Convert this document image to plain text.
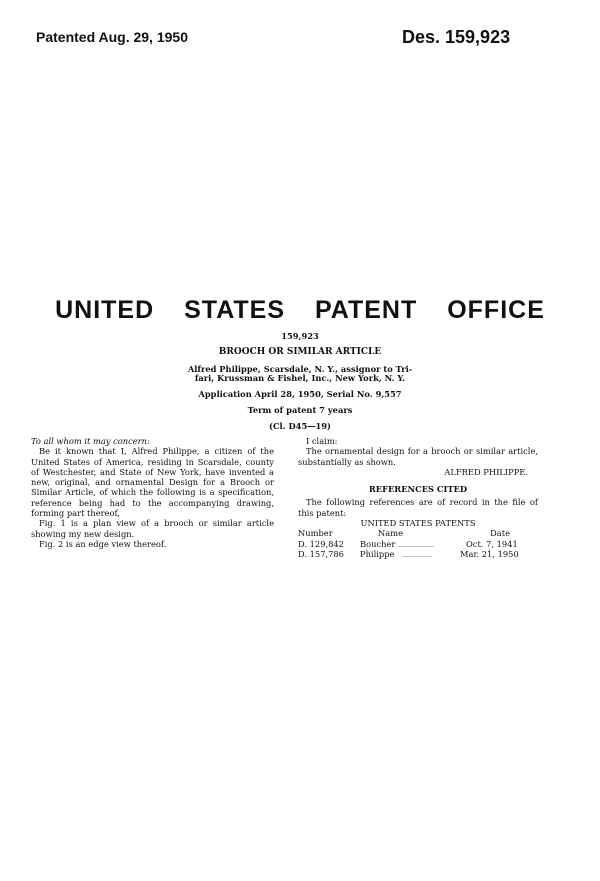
Patented Aug. 29, 1950	Des. 159,923
UNITED STATES PATENT OFFICE
159,923
BROOCH OR SIMILAR ARTICLE
Alfred Philippe, Scarsdale, N. Y., assignor to Tri-
fari, Krussman & Fishel, Inc., New York, N. Y.
Application April 28, 1950, Serial No. 9,557
Term of patent 7 years
(Cl. D45—19)
To all whom it may concern:

Be it known that I, Alfred Philippe, a citizen of the United States of America, residing in Scarsdale, county of Westchester, and State of New York, have invented a new, original, and ornamental Design for a Brooch or Similar Article, of which the following is a specification, reference being had to the accompanying drawing, forming part thereof,

Fig. 1 is a plan view of a brooch or similar article showing my new design.

Fig. 2 is an edge view thereof.

I claim:

The ornamental design for a brooch or similar article, substantially as shown.

ALFRED PHILIPPE.
REFERENCES CITED

The following references are of record in the file of this patent:

UNITED STATES PATENTS
Number	Name	Date
D. 129,842	Boucher ____________	Oct. 7, 1941
D. 157,786	Philippe	__________	Mar. 21, 1950
